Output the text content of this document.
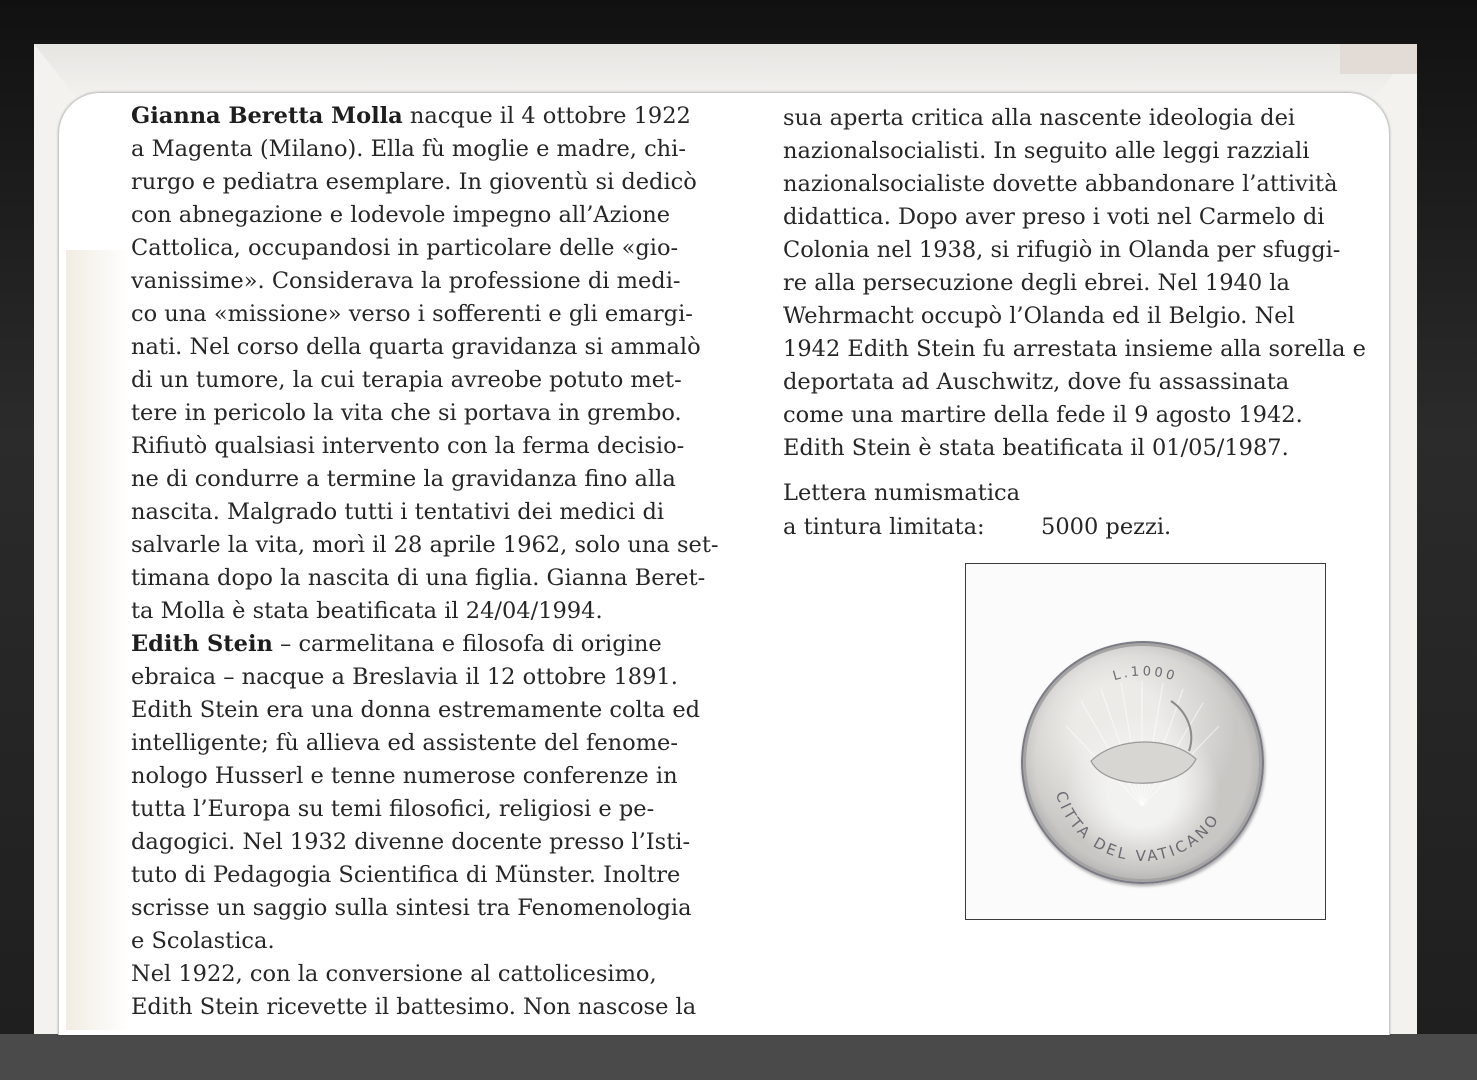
Gianna Beretta Molla nacque il 4 ottobre 1922
a Magenta (Milano). Ella fù moglie e madre, chi-
rurgo e pediatra esemplare. In gioventù si dedicò
con abnegazione e lodevole impegno all’Azione
Cattolica, occupandosi in particolare delle «gio-
vanissime». Considerava la professione di medi-
co una «missione» verso i sofferenti e gli emargi-
nati. Nel corso della quarta gravidanza si ammalò
di un tumore, la cui terapia avreobe potuto met-
tere in pericolo la vita che si portava in grembo.
Rifiutò qualsiasi intervento con la ferma decisio-
ne di condurre a termine la gravidanza fino alla
nascita. Malgrado tutti i tentativi dei medici di
salvarle la vita, morì il 28 aprile 1962, solo una set-
timana dopo la nascita di una figlia. Gianna Beret-
ta Molla è stata beatificata il 24/04/1994.
Edith Stein – carmelitana e filosofa di origine
ebraica – nacque a Breslavia il 12 ottobre 1891.
Edith Stein era una donna estremamente colta ed
intelligente; fù allieva ed assistente del fenome-
nologo Husserl e tenne numerose conferenze in
tutta l’Europa su temi filosofici, religiosi e pe-
dagogici. Nel 1932 divenne docente presso l’Isti-
tuto di Pedagogia Scientifica di Münster. Inoltre
scrisse un saggio sulla sintesi tra Fenomenologia
e Scolastica.
Nel 1922, con la conversione al cattolicesimo,
Edith Stein ricevette il battesimo. Non nascose la
sua aperta critica alla nascente ideologia dei
nazionalsocialisti. In seguito alle leggi razziali
nazionalsocialiste dovette abbandonare l’attività
didattica. Dopo aver preso i voti nel Carmelo di
Colonia nel 1938, si rifugiò in Olanda per sfuggi-
re alla persecuzione degli ebrei. Nel 1940 la
Wehrmacht occupò l’Olanda ed il Belgio. Nel
1942 Edith Stein fu arrestata insieme alla sorella e
deportata ad Auschwitz, dove fu assassinata
come una martire della fede il 9 agosto 1942.
Edith Stein è stata beatificata il 01/05/1987.
Lettera numismatica
a tintura limitata:	5000 pezzi.
CITTA DEL VATICANO
L.1000
